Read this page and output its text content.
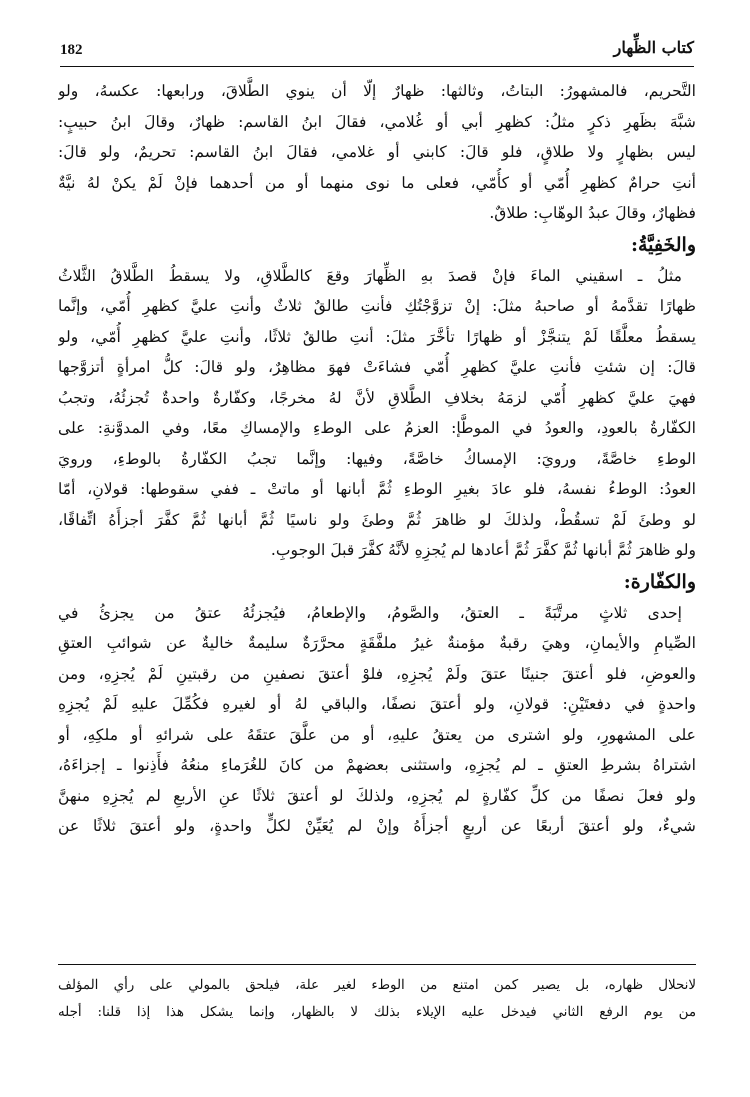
182	كتاب الظِّهار
التَّحريم، فالمشهورُ: البتاتُ، وثالثها: ظهارٌ إلّا أن ينوي الطَّلاقَ، ورابعها: عكسهُ، ولو
شبَّهَ بظَهرِ ذكرٍ مثلُ: كظهرِ أبي أو غُلامي، فقالَ ابنُ القاسم: ظهارٌ، وقالَ ابنُ حبيبٍ:
ليس بظهارٍ ولا طلاقٍ، فلو قالَ: كابني أو غلامي، فقالَ ابنُ القاسم: تحريمٌ، ولو قالَ:
أنتِ حرامٌ كظهرِ أُمّي أو كأُمّي، فعلى ما نوى منهما أو من أحدهما فإنْ لَمْ يكنْ لهُ نيَّةٌ
فظهارٌ، وقالَ عبدُ الوهّابِ: طلاقٌ.
والخَفِيَّةُ:
مثلُ ـ اسقيني الماءَ فإنْ قصدَ بهِ الظِّهارَ وقعَ كالطَّلاقِ، ولا يسقطُ الطَّلاقُ الثَّلاثُ
ظهارًا تقدَّمهُ أو صاحبهُ مثلَ: إنْ تزوَّجْتُكِ فأنتِ طالقٌ ثلاثٌ وأنتِ عليَّ كظهرِ أُمّي، وإنَّما
يسقطُ معلَّقًا لَمْ يتنجَّزْ أو ظهارًا تأخَّرَ مثلَ: أنتِ طالقٌ ثلاثًا، وأنتِ عليَّ كظهرِ أُمّي، ولو
قالَ: إن شئتِ فأنتِ عليَّ كظهرِ أُمّي فشاءَتْ فهوَ مظاهِرٌ، ولو قالَ: كلُّ امرأةٍ أتزوَّجها
فهيَ عليَّ كظهرِ أُمّي لزمَهُ بخلافِ الطَّلاقِ لأنَّ لهُ مخرجًا، وكفّارةٌ واحدةٌ تُجزئُهُ، وتجبُ
الكفّارةُ بالعودِ، والعودُ في الموطَّإ: العزمُ على الوطءِ والإمساكِ معًا، وفي المدوَّنةِ: على
الوطءِ خاصَّةً، ورويَ: الإمساكُ خاصَّةً، وفيها: وإنَّما تجبُ الكفّارةُ بالوطءِ، ورويَ
العودُ: الوطءُ نفسهُ، فلو عادَ بغيرِ الوطءِ ثُمَّ أبانها أو ماتتْ ـ ففي سقوطها: قولانِ، أمّا
لو وطئَ لَمْ تسقُطْ، ولذلكَ لو ظاهرَ ثُمَّ وطئَ ولو ناسيًا ثُمَّ أبانها ثُمَّ كفَّرَ أجزأَهُ اتِّفاقًا،
ولو ظاهرَ ثُمَّ أبانها ثُمَّ كفَّرَ ثُمَّ أعادها لم يُجزِهِ لأنَّهُ كفَّرَ قبلَ الوجوبِ.
والكفّارة:
إحدى ثلاثٍ مرتَّبَةً ـ العتقُ، والصَّومُ، والإطعامُ، فيُجزئُهُ عتقُ من يجزئُ في
الصِّيامِ والأيمانِ، وهيَ رقبةٌ مؤمنةٌ غيرُ ملفَّقَةٍ محرَّرَةٌ سليمةٌ خاليةٌ عن شوائبِ العتقِ
والعوضِ، فلو أعتقَ جنينًا عتقَ ولَمْ يُجزِهِ، فلوْ أعتقَ نصفينِ من رقبتينِ لَمْ يُجزِهِ، ومن
واحدةٍ في دفعتَيْنِ: قولانِ، ولو أعتقَ نصفًا، والباقي لهُ أو لغيرهِ فكُمِّلَ عليهِ لَمْ يُجزِهِ
على المشهورِ، ولو اشترى من يعتقُ عليهِ، أو من علَّقَ عتقَهُ على شرائهِ أو ملكِهِ، أو
اشتراهُ بشرطِ العتقِ ـ لم يُجزِهِ، واستثنى بعضهمْ من كانَ للغُرَماءِ منعُهُ فأَذِنوا ـ إجزاءَهُ،
ولو فعلَ نصفًا من كلِّ كفّارةٍ لم يُجزِهِ، ولذلكَ لو أعتقَ ثلاثًا عنِ الأربعِ لم يُجزِهِ منهنَّ
شيءٌ، ولو أعتقَ أربعًا عن أربعٍ أجزأَهُ وإنْ لم يُعَيِّنْ لكلٍّ واحدةٍ، ولو أعتقَ ثلاثًا عن
لانحلال ظهاره، بل يصير كمن امتنع من الوطء لغير علة، فيلحق بالمولي على رأي المؤلف
من يوم الرفع الثاني فيدخل عليه الإيلاء بذلك لا بالظهار، وإنما يشكل هذا إذا قلنا: أجله
